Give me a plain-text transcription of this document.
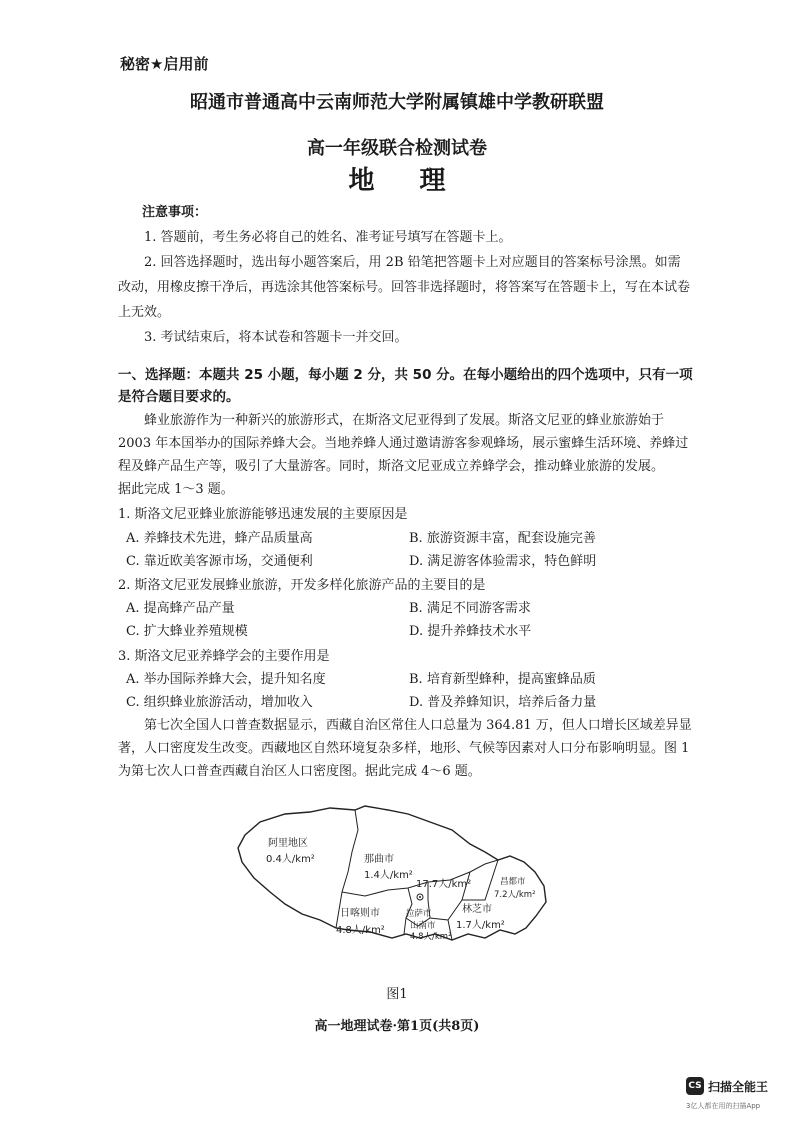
秘密★启用前
昭通市普通高中云南师范大学附属镇雄中学教研联盟
高一年级联合检测试卷
地 理

注意事项：

1. 答题前，考生务必将自己的姓名、准考证号填写在答题卡上。

2. 回答选择题时，选出每小题答案后，用 2B 铅笔把答题卡上对应题目的答案标号涂黑。如需改动，用橡皮擦干净后，再选涂其他答案标号。回答非选择题时，将答案写在答题卡上，写在本试卷上无效。

3. 考试结束后，将本试卷和答题卡一并交回。

一、选择题：本题共 25 小题，每小题 2 分，共 50 分。在每小题给出的四个选项中，只有一项是符合题目要求的。

蜂业旅游作为一种新兴的旅游形式，在斯洛文尼亚得到了发展。斯洛文尼亚的蜂业旅游始于 2003 年本国举办的国际养蜂大会。当地养蜂人通过邀请游客参观蜂场，展示蜜蜂生活环境、养蜂过程及蜂产品生产等，吸引了大量游客。同时，斯洛文尼亚成立养蜂学会，推动蜂业旅游的发展。

据此完成 1～3 题。

1. 斯洛文尼亚蜂业旅游能够迅速发展的主要原因是

A. 养蜂技术先进，蜂产品质量高	B. 旅游资源丰富，配套设施完善
C. 靠近欧美客源市场，交通便利	D. 满足游客体验需求，特色鲜明

2. 斯洛文尼亚发展蜂业旅游，开发多样化旅游产品的主要目的是

A. 提高蜂产品产量	B. 满足不同游客需求
C. 扩大蜂业养殖规模	D. 提升养蜂技术水平

3. 斯洛文尼亚养蜂学会的主要作用是

A. 举办国际养蜂大会，提升知名度	B. 培育新型蜂种，提高蜜蜂品质
C. 组织蜂业旅游活动，增加收入	D. 普及养蜂知识，培养后备力量

第七次全国人口普查数据显示，西藏自治区常住人口总量为 364.81 万，但人口增长区域差异显著，人口密度发生改变。西藏地区自然环境复杂多样，地形、气候等因素对人口分布影响明显。图 1 为第七次人口普查西藏自治区人口密度图。据此完成 4～6 题。

阿里地区
0.4人/km²	那曲市
1.4人/km²
17.7人/km²
拉萨市
昌都市
7.2人/km²
日喀则市
4.8人/km²	山南市
4.8人/km²
林芝市
1.7人/km²
图1
高一地理试卷·第1页(共8页)
CS 扫描全能王
3亿人都在用的扫描App
